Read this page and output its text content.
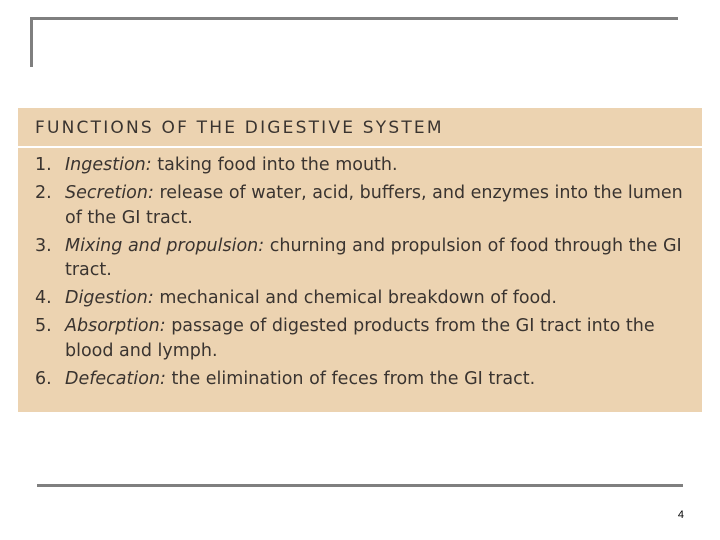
FUNCTIONS OF THE DIGESTIVE SYSTEM
1. Ingestion: taking food into the mouth.
2. Secretion: release of water, acid, buffers, and enzymes into the lumen of the GI tract.
3. Mixing and propulsion: churning and propulsion of food through the GI tract.
4. Digestion: mechanical and chemical breakdown of food.
5. Absorption: passage of digested products from the GI tract into the blood and lymph.
6. Defecation: the elimination of feces from the GI tract.
4
